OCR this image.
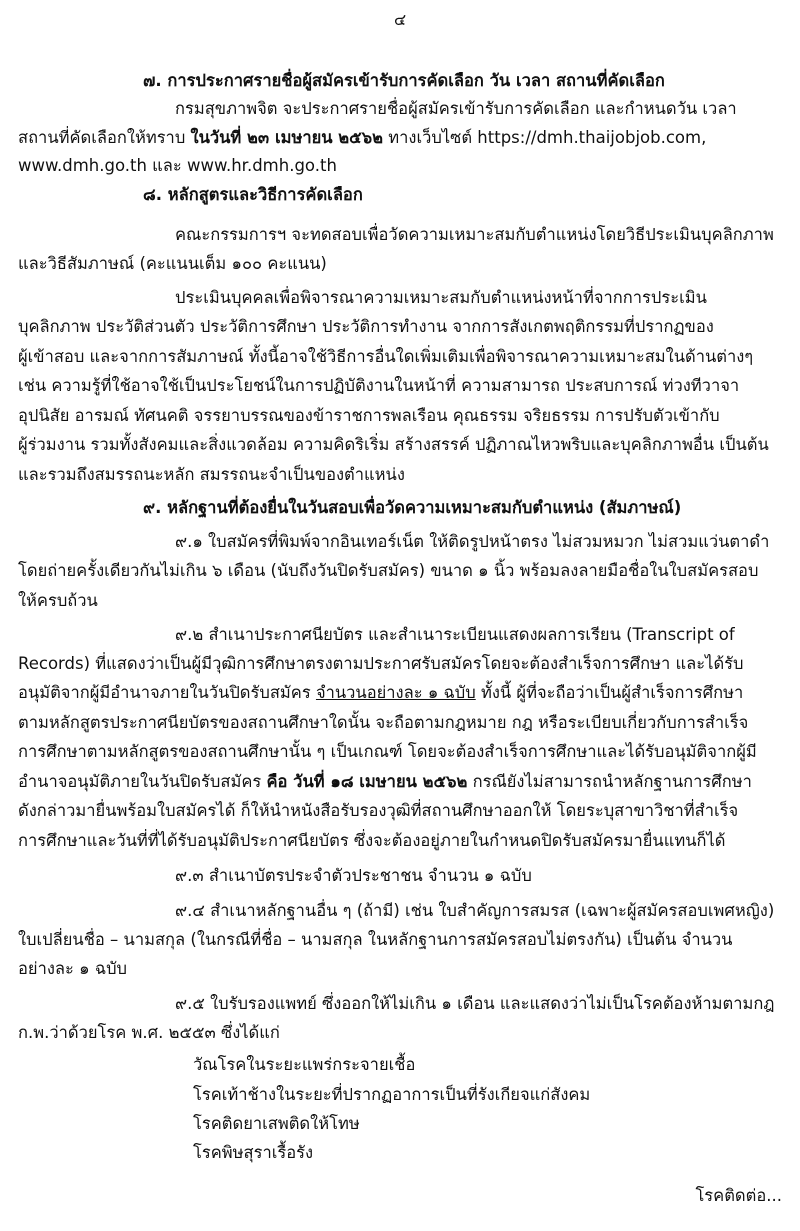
๔
๗. การประกาศรายชื่อผู้สมัครเข้ารับการคัดเลือก วัน เวลา สถานที่คัดเลือก
กรมสุขภาพจิต จะประกาศรายชื่อผู้สมัครเข้ารับการคัดเลือก และกำหนดวัน เวลา
สถานที่คัดเลือกให้ทราบ ในวันที่ ๒๓ เมษายน ๒๕๖๒ ทางเว็บไซต์ https://dmh.thaijobjob.com,
www.dmh.go.th และ www.hr.dmh.go.th
๘. หลักสูตรและวิธีการคัดเลือก
คณะกรรมการฯ จะทดสอบเพื่อวัดความเหมาะสมกับตำแหน่งโดยวิธีประเมินบุคลิกภาพ
และวิธีสัมภาษณ์ (คะแนนเต็ม ๑๐๐ คะแนน)
ประเมินบุคคลเพื่อพิจารณาความเหมาะสมกับตำแหน่งหน้าที่จากการประเมิน
บุคลิกภาพ ประวัติส่วนตัว ประวัติการศึกษา ประวัติการทำงาน จากการสังเกตพฤติกรรมที่ปรากฏของ
ผู้เข้าสอบ และจากการสัมภาษณ์ ทั้งนี้อาจใช้วิธีการอื่นใดเพิ่มเติมเพื่อพิจารณาความเหมาะสมในด้านต่างๆ
เช่น ความรู้ที่ใช้อาจใช้เป็นประโยชน์ในการปฏิบัติงานในหน้าที่ ความสามารถ ประสบการณ์ ท่วงทีวาจา
อุปนิสัย อารมณ์ ทัศนคติ จรรยาบรรณของข้าราชการพลเรือน คุณธรรม จริยธรรม การปรับตัวเข้ากับ
ผู้ร่วมงาน รวมทั้งสังคมและสิ่งแวดล้อม ความคิดริเริ่ม สร้างสรรค์ ปฏิภาณไหวพริบและบุคลิกภาพอื่น เป็นต้น
และรวมถึงสมรรถนะหลัก สมรรถนะจำเป็นของตำแหน่ง
๙. หลักฐานที่ต้องยื่นในวันสอบเพื่อวัดความเหมาะสมกับตำแหน่ง (สัมภาษณ์)
๙.๑ ใบสมัครที่พิมพ์จากอินเทอร์เน็ต ให้ติดรูปหน้าตรง ไม่สวมหมวก ไม่สวมแว่นตาดำ
โดยถ่ายครั้งเดียวกันไม่เกิน ๖ เดือน (นับถึงวันปิดรับสมัคร) ขนาด ๑ นิ้ว พร้อมลงลายมือชื่อในใบสมัครสอบ
ให้ครบถ้วน
๙.๒ สำเนาประกาศนียบัตร และสำเนาระเบียนแสดงผลการเรียน (Transcript of
Records) ที่แสดงว่าเป็นผู้มีวุฒิการศึกษาตรงตามประกาศรับสมัครโดยจะต้องสำเร็จการศึกษา และได้รับ
อนุมัติจากผู้มีอำนาจภายในวันปิดรับสมัคร จำนวนอย่างละ ๑ ฉบับ ทั้งนี้ ผู้ที่จะถือว่าเป็นผู้สำเร็จการศึกษา
ตามหลักสูตรประกาศนียบัตรของสถานศึกษาใดนั้น จะถือตามกฎหมาย กฎ หรือระเบียบเกี่ยวกับการสำเร็จ
การศึกษาตามหลักสูตรของสถานศึกษานั้น ๆ เป็นเกณฑ์ โดยจะต้องสำเร็จการศึกษาและได้รับอนุมัติจากผู้มี
อำนาจอนุมัติภายในวันปิดรับสมัคร คือ วันที่ ๑๘ เมษายน ๒๕๖๒ กรณียังไม่สามารถนำหลักฐานการศึกษา
ดังกล่าวมายื่นพร้อมใบสมัครได้ ก็ให้นำหนังสือรับรองวุฒิที่สถานศึกษาออกให้ โดยระบุสาขาวิชาที่สำเร็จ
การศึกษาและวันที่ที่ได้รับอนุมัติประกาศนียบัตร ซึ่งจะต้องอยู่ภายในกำหนดปิดรับสมัครมายื่นแทนก็ได้
๙.๓ สำเนาบัตรประจำตัวประชาชน จำนวน ๑ ฉบับ
๙.๔ สำเนาหลักฐานอื่น ๆ (ถ้ามี) เช่น ใบสำคัญการสมรส (เฉพาะผู้สมัครสอบเพศหญิง)
ใบเปลี่ยนชื่อ – นามสกุล (ในกรณีที่ชื่อ – นามสกุล ในหลักฐานการสมัครสอบไม่ตรงกัน) เป็นต้น จำนวน
อย่างละ ๑ ฉบับ
๙.๕ ใบรับรองแพทย์ ซึ่งออกให้ไม่เกิน ๑ เดือน และแสดงว่าไม่เป็นโรคต้องห้ามตามกฎ
ก.พ.ว่าด้วยโรค พ.ศ. ๒๕๕๓ ซึ่งได้แก่
วัณโรคในระยะแพร่กระจายเชื้อ
โรคเท้าช้างในระยะที่ปรากฏอาการเป็นที่รังเกียจแก่สังคม
โรคติดยาเสพติดให้โทษ
โรคพิษสุราเรื้อรัง
โรคติดต่อ...
